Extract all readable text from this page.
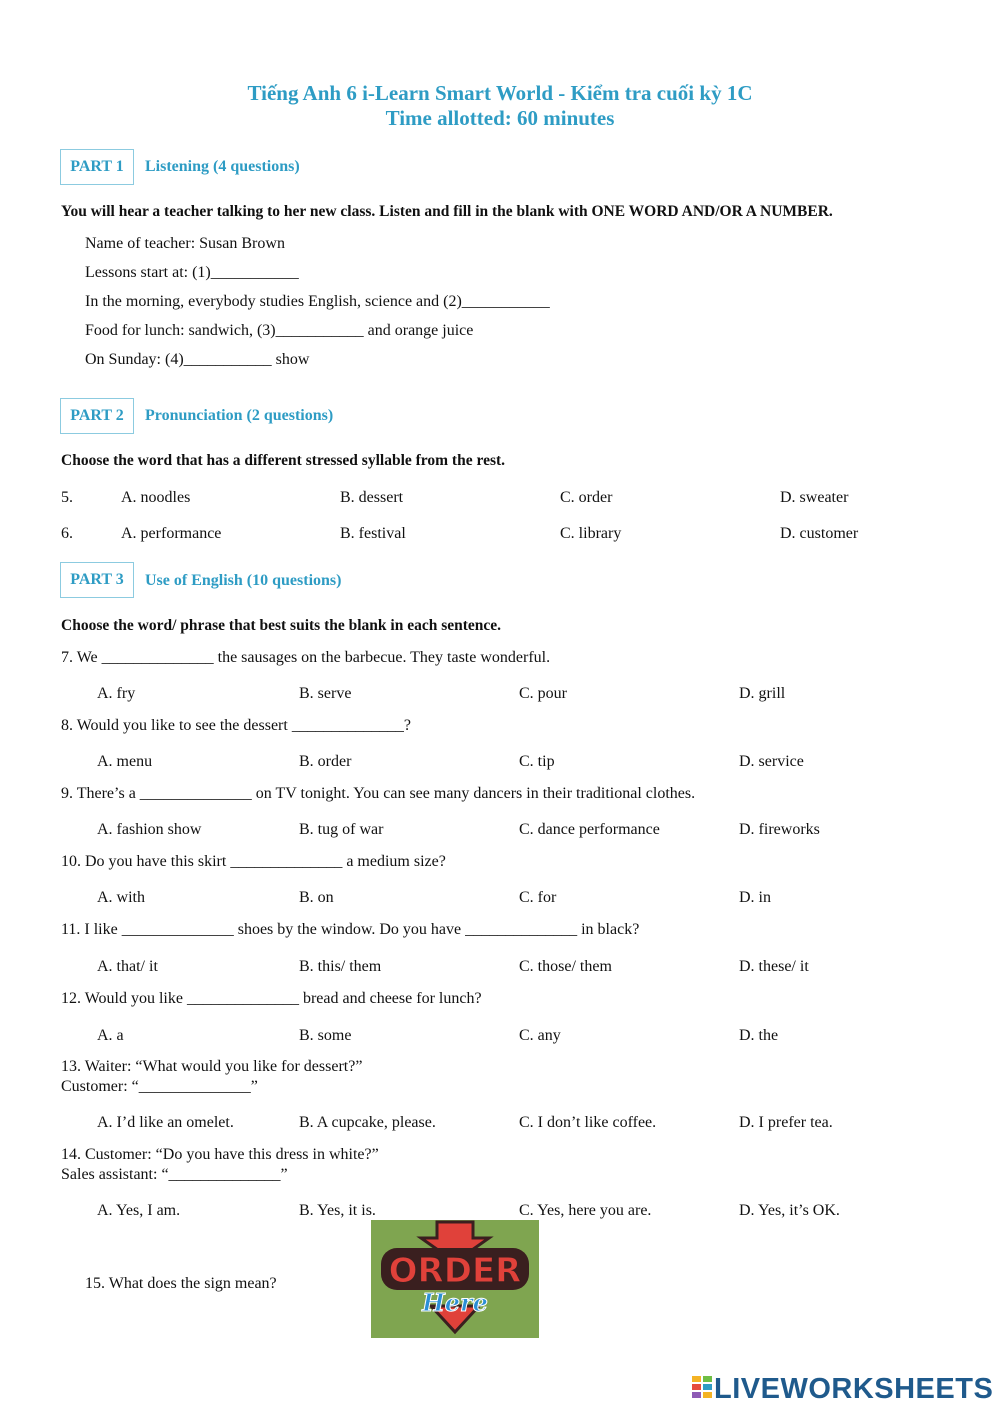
Tiếng Anh 6 i-Learn Smart World - Kiểm tra cuối kỳ 1C
Time allotted: 60 minutes
PART 1	Listening (4 questions)
You will hear a teacher talking to her new class. Listen and fill in the blank with ONE WORD AND/OR A NUMBER.
Name of teacher: Susan Brown
Lessons start at: (1)___________
In the morning, everybody studies English, science and (2)___________
Food for lunch: sandwich, (3)___________ and orange juice
On Sunday: (4)___________ show
PART 2	Pronunciation (2 questions)
Choose the word that has a different stressed syllable from the rest.
5.	A. noodles	B. dessert	C. order	D. sweater
6.	A. performance	B. festival	C. library	D. customer
PART 3	Use of English (10 questions)
Choose the word/ phrase that best suits the blank in each sentence.
7. We ______________ the sausages on the barbecue. They taste wonderful.
A. fry	B. serve	C. pour	D. grill
8. Would you like to see the dessert ______________?
A. menu	B. order	C. tip	D. service
9. There’s a ______________ on TV tonight. You can see many dancers in their traditional clothes.
A. fashion show	B. tug of war	C. dance performance	D. fireworks
10. Do you have this skirt ______________ a medium size?
A. with	B. on	C. for	D. in
11. I like ______________ shoes by the window. Do you have ______________ in black?
A. that/ it	B. this/ them	C. those/ them	D. these/ it
12. Would you like ______________ bread and cheese for lunch?
A. a	B. some	C. any	D. the
13. Waiter: “What would you like for dessert?”
Customer: “______________”
A. I’d like an omelet.	B. A cupcake, please.	C. I don’t like coffee.	D. I prefer tea.
14. Customer: “Do you have this dress in white?”
Sales assistant: “______________”
A. Yes, I am.	B. Yes, it is.	C. Yes, here you are.	D. Yes, it’s OK.
15. What does the sign mean?	ORDER
Here
LIVEWORKSHEETS
